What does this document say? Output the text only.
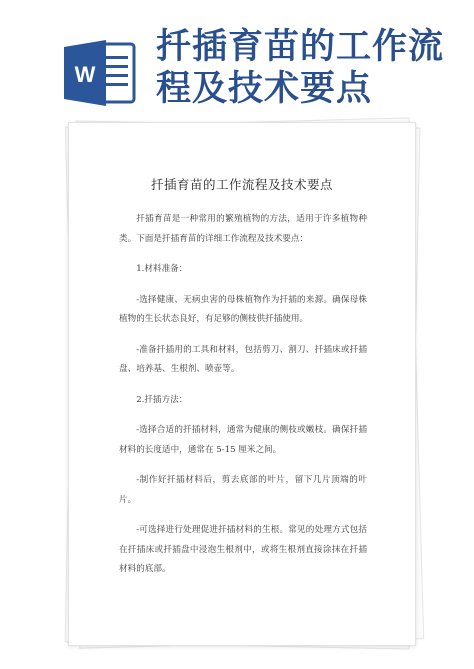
W
扦插育苗的工作流程及技术要点
扦插育苗的工作流程及技术要点

扦插育苗是一种常用的繁殖植物的方法，适用于许多植物种类。下面是扦插育苗的详细工作流程及技术要点：

1.材料准备：

-选择健康、无病虫害的母株植物作为扦插的来源。确保母株植物的生长状态良好，有足够的侧枝供扦插使用。

-准备扦插用的工具和材料，包括剪刀、割刀、扦插床或扦插盘、培养基、生根剂、喷壶等。

2.扦插方法：

-选择合适的扦插材料，通常为健康的侧枝或嫩枝。确保扦插材料的长度适中，通常在 5-15 厘米之间。

-制作好扦插材料后，剪去底部的叶片，留下几片顶端的叶片。

-可选择进行处理促进扦插材料的生根。常见的处理方式包括在扦插床或扦插盘中浸泡生根剂中，或将生根剂直接涂抹在扦插材料的底部。
